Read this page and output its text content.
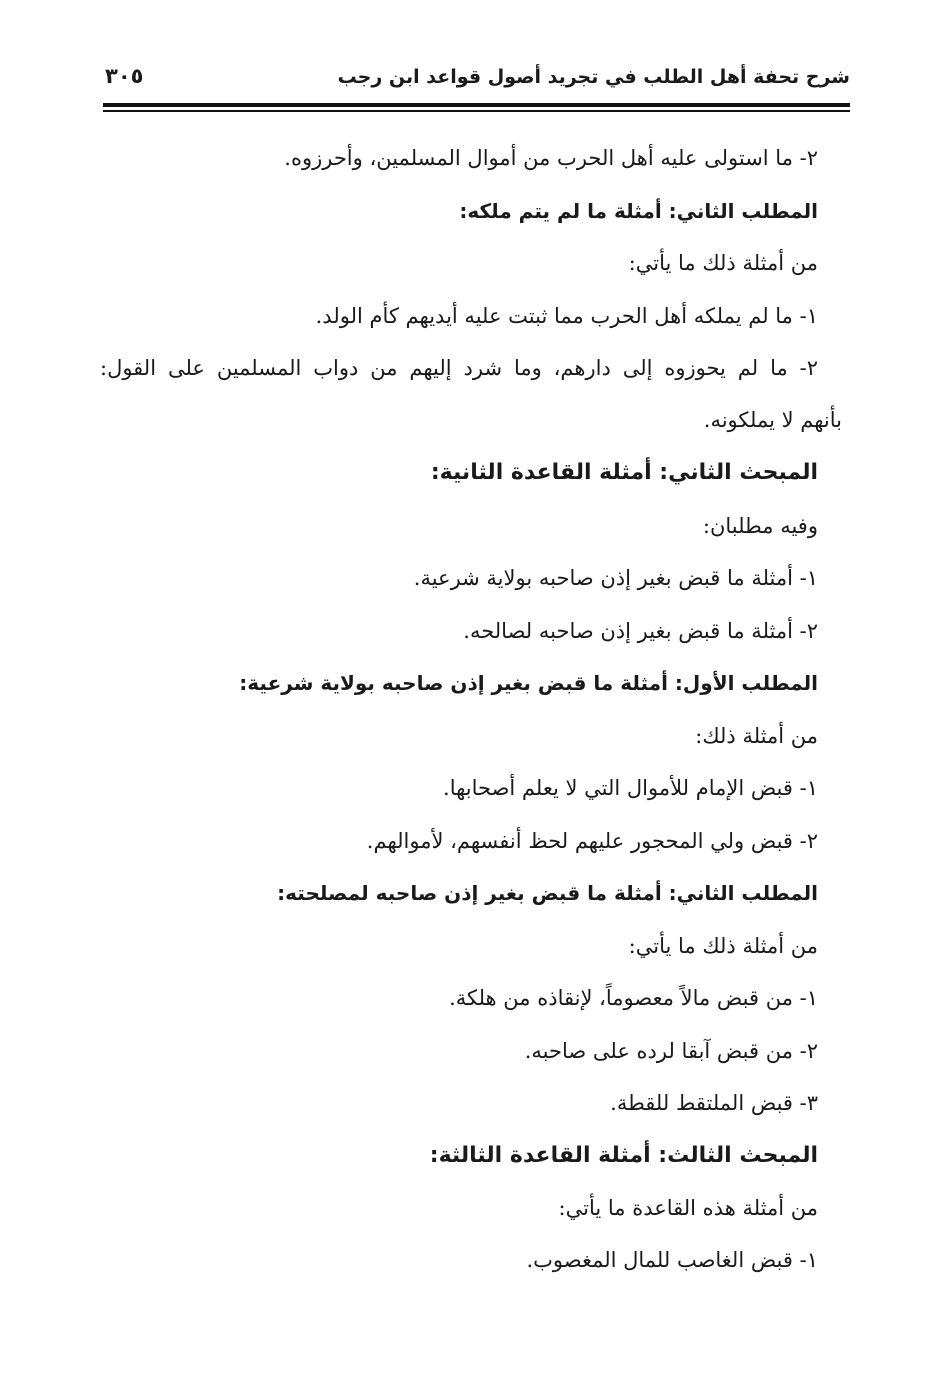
شرح تحفة أهل الطلب في تجريد أصول قواعد ابن رجب
٣٠٥
٢- ما استولى عليه أهل الحرب من أموال المسلمين، وأحرزوه.
المطلب الثاني: أمثلة ما لم يتم ملكه:
من أمثلة ذلك ما يأتي:
١- ما لم يملكه أهل الحرب مما ثبتت عليه أيديهم كأم الولد.
٢- ما لم يحوزوه إلى دارهم، وما شرد إليهم من دواب المسلمين على القول:
بأنهم لا يملكونه.
المبحث الثاني: أمثلة القاعدة الثانية:
وفيه مطلبان:
١- أمثلة ما قبض بغير إذن صاحبه بولاية شرعية.
٢- أمثلة ما قبض بغير إذن صاحبه لصالحه.
المطلب الأول: أمثلة ما قبض بغير إذن صاحبه بولاية شرعية:
من أمثلة ذلك:
١- قبض الإمام للأموال التي لا يعلم أصحابها.
٢- قبض ولي المحجور عليهم لحظ أنفسهم، لأموالهم.
المطلب الثاني: أمثلة ما قبض بغير إذن صاحبه لمصلحته:
من أمثلة ذلك ما يأتي:
١- من قبض مالاً معصوماً، لإنقاذه من هلكة.
٢- من قبض آبقا لرده على صاحبه.
٣- قبض الملتقط للقطة.
المبحث الثالث: أمثلة القاعدة الثالثة:
من أمثلة هذه القاعدة ما يأتي:
١- قبض الغاصب للمال المغصوب.
